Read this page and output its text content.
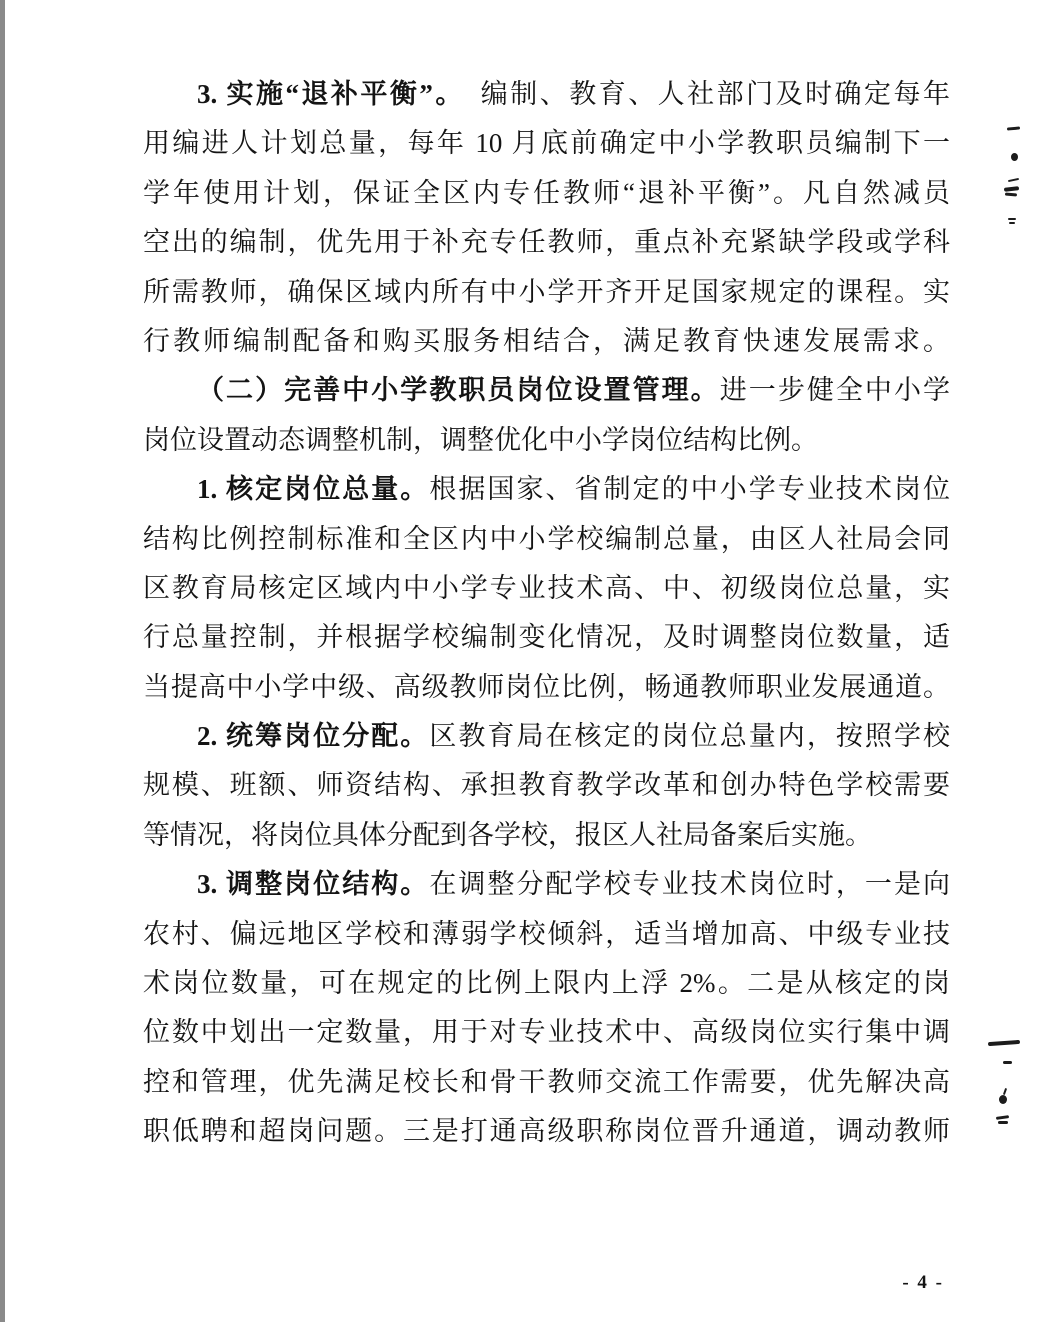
3. 实施“退补平衡”。　编制、教育、人社部门及时确定每年
用编进人计划总量，每年 10 月底前确定中小学教职员编制下一
学年使用计划，保证全区内专任教师“退补平衡”。凡自然减员
空出的编制，优先用于补充专任教师，重点补充紧缺学段或学科
所需教师，确保区域内所有中小学开齐开足国家规定的课程。实
行教师编制配备和购买服务相结合，满足教育快速发展需求。
（二）完善中小学教职员岗位设置管理。进一步健全中小学
岗位设置动态调整机制，调整优化中小学岗位结构比例。
1. 核定岗位总量。根据国家、省制定的中小学专业技术岗位
结构比例控制标准和全区内中小学校编制总量，由区人社局会同
区教育局核定区域内中小学专业技术高、中、初级岗位总量，实
行总量控制，并根据学校编制变化情况，及时调整岗位数量，适
当提高中小学中级、高级教师岗位比例，畅通教师职业发展通道。
2. 统筹岗位分配。区教育局在核定的岗位总量内，按照学校
规模、班额、师资结构、承担教育教学改革和创办特色学校需要
等情况，将岗位具体分配到各学校，报区人社局备案后实施。
3. 调整岗位结构。在调整分配学校专业技术岗位时，一是向
农村、偏远地区学校和薄弱学校倾斜，适当增加高、中级专业技
术岗位数量，可在规定的比例上限内上浮 2%。二是从核定的岗
位数中划出一定数量，用于对专业技术中、高级岗位实行集中调
控和管理，优先满足校长和骨干教师交流工作需要，优先解决高
职低聘和超岗问题。三是打通高级职称岗位晋升通道，调动教师
- 4 -
